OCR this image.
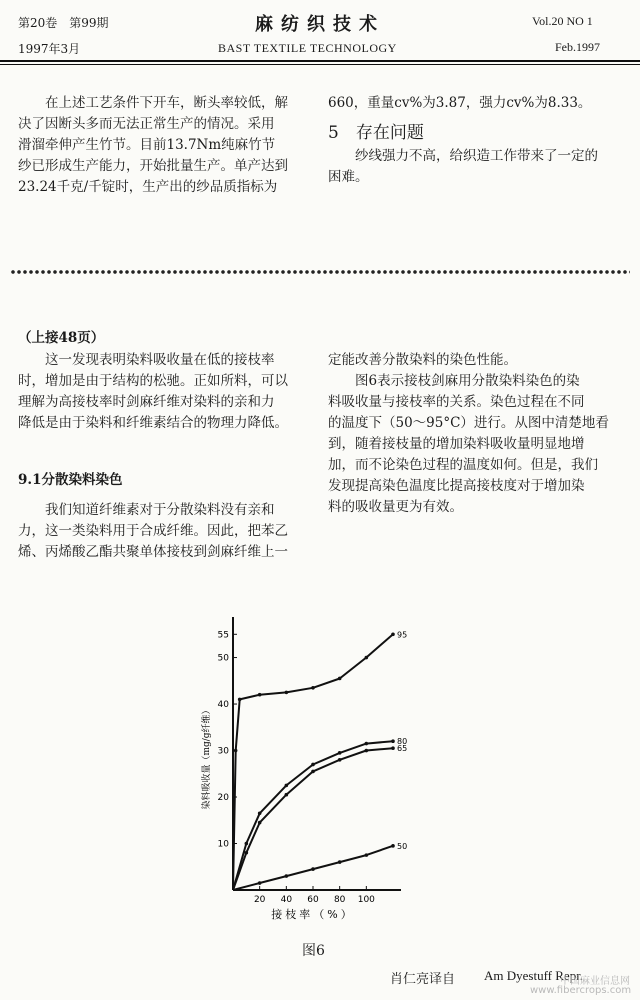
第20卷　第99期
1997年3月
麻纺织技术
BAST TEXTILE TECHNOLOGY
Vol.20 NO 1
Feb.1997
在上述工艺条件下开车，断头率较低，解
决了因断头多而无法正常生产的情况。采用
滑溜牵伸产生竹节。目前13.7Nm纯麻竹节
纱已形成生产能力，开始批量生产。单产达到
23.24千克/千锭时，生产出的纱品质指标为
660，重量cv%为3.87，强力cv%为8.33。
5　存在问题
纱线强力不高，给织造工作带来了一定的
困难。
（上接48页）
这一发现表明染料吸收量在低的接枝率
时，增加是由于结构的松驰。正如所料，可以
理解为高接枝率时剑麻纤维对染料的亲和力
降低是由于染料和纤维素结合的物理力降低。
9.1分散染料染色
我们知道纤维素对于分散染料没有亲和
力，这一类染料用于合成纤维。因此，把苯乙
烯、丙烯酸乙酯共聚单体接枝到剑麻纤维上一
定能改善分散染料的染色性能。
图6表示接枝剑麻用分散染料染色的染
料吸收量与接枝率的关系。染色过程在不同
的温度下（50～95°C）进行。从图中清楚地看
到，随着接枝量的增加染料吸收量明显地增
加，而不论染色过程的温度如何。但是，我们
发现提高染色温度比提高接枝度对于增加染
料的吸收量更为有效。
20 40 60 80 100
10
20
30
40
50
55
接枝率（%）
染料吸收量（mg/g纤维）
95
80
65
50
图6
肖仁亮译自 Am Dyestuff Repr.
中国麻业信息网
www.fibercrops.com
